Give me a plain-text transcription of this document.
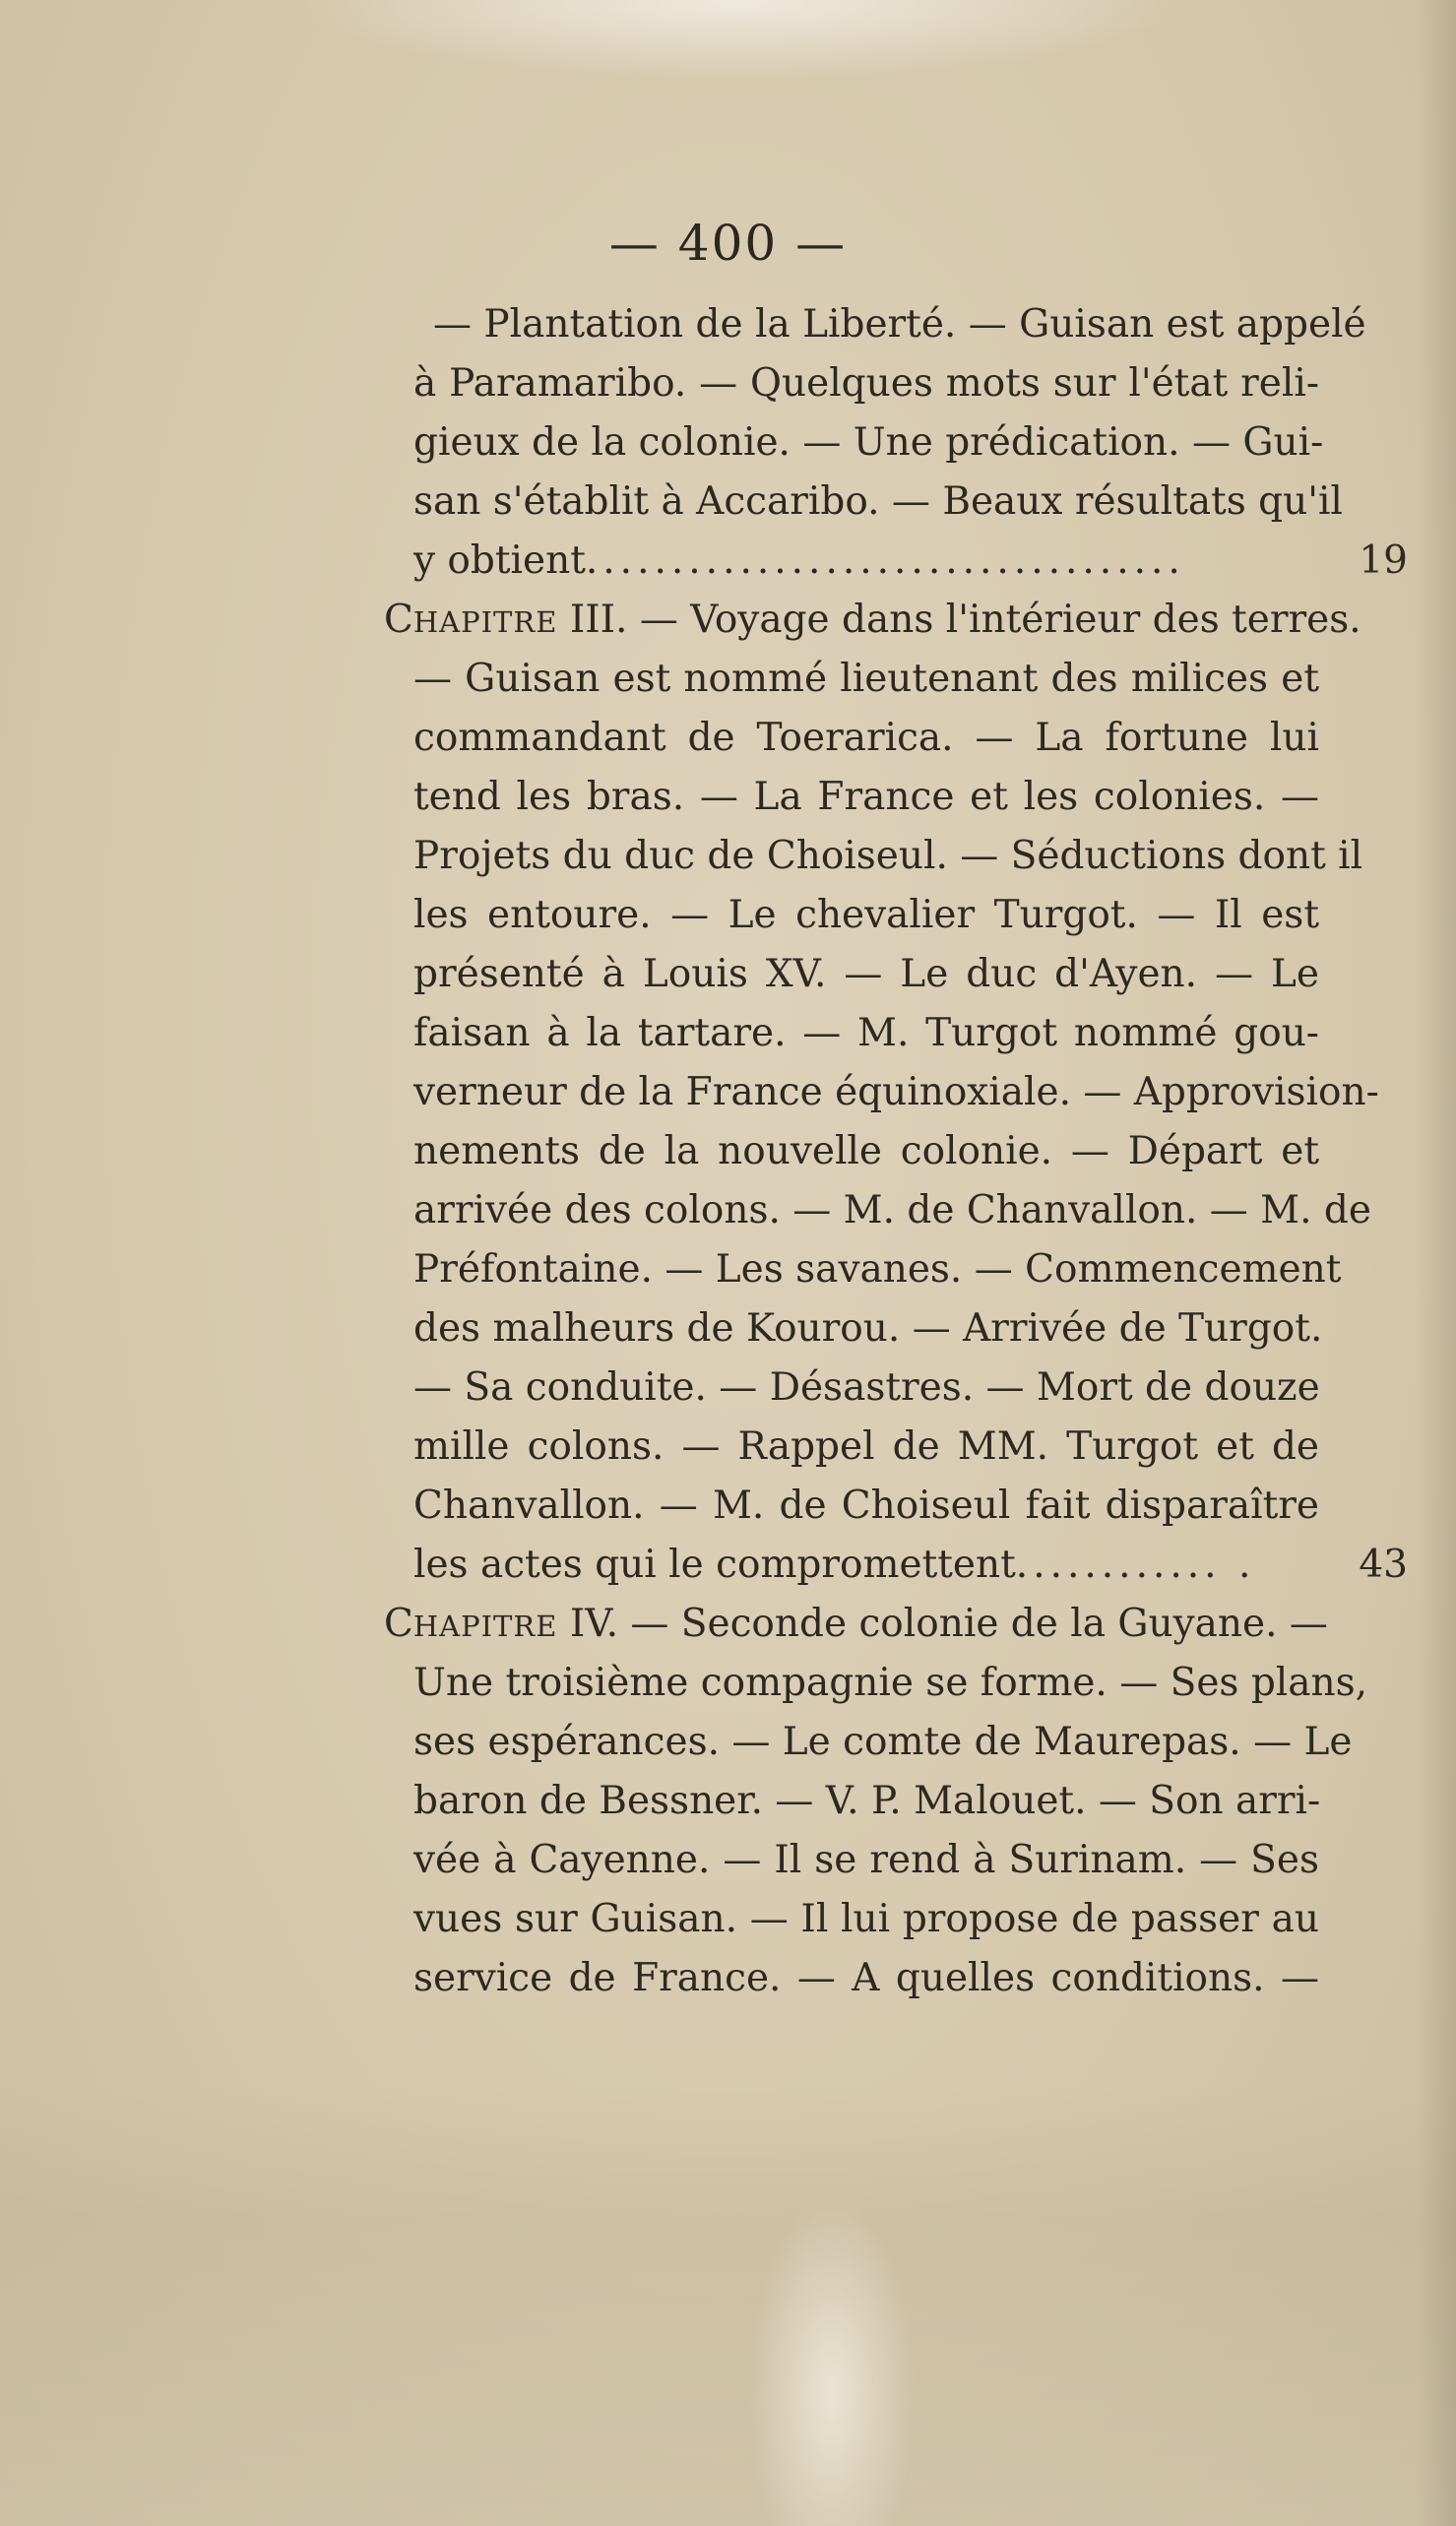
— 400 —
— Plantation de la Liberté. — Guisan est appelé
à Paramaribo. — Quelques mots sur l'état reli-
gieux de la colonie. — Une prédication. — Gui-
san s'établit à Accaribo. — Beaux résultats qu'il
y obtient...................................	19
CHAPITRE III. — Voyage dans l'intérieur des terres.
— Guisan est nommé lieutenant des milices et
commandant de Toerarica. — La fortune lui
tend les bras. — La France et les colonies. —
Projets du duc de Choiseul. — Séductions dont il
les entoure. — Le chevalier Turgot. — Il est
présenté à Louis XV. — Le duc d'Ayen. — Le
faisan à la tartare. — M. Turgot nommé gou-
verneur de la France équinoxiale. — Approvision-
nements de la nouvelle colonie. — Départ et
arrivée des colons. — M. de Chanvallon. — M. de
Préfontaine. — Les savanes. — Commencement
des malheurs de Kourou. — Arrivée de Turgot.
— Sa conduite. — Désastres. — Mort de douze
mille colons. — Rappel de MM. Turgot et de
Chanvallon. — M. de Choiseul fait disparaître
les actes qui le compromettent............ .	43
CHAPITRE IV. — Seconde colonie de la Guyane. —
Une troisième compagnie se forme. — Ses plans,
ses espérances. — Le comte de Maurepas. — Le
baron de Bessner. — V. P. Malouet. — Son arri-
vée à Cayenne. — Il se rend à Surinam. — Ses
vues sur Guisan. — Il lui propose de passer au
service de France. — A quelles conditions. —
